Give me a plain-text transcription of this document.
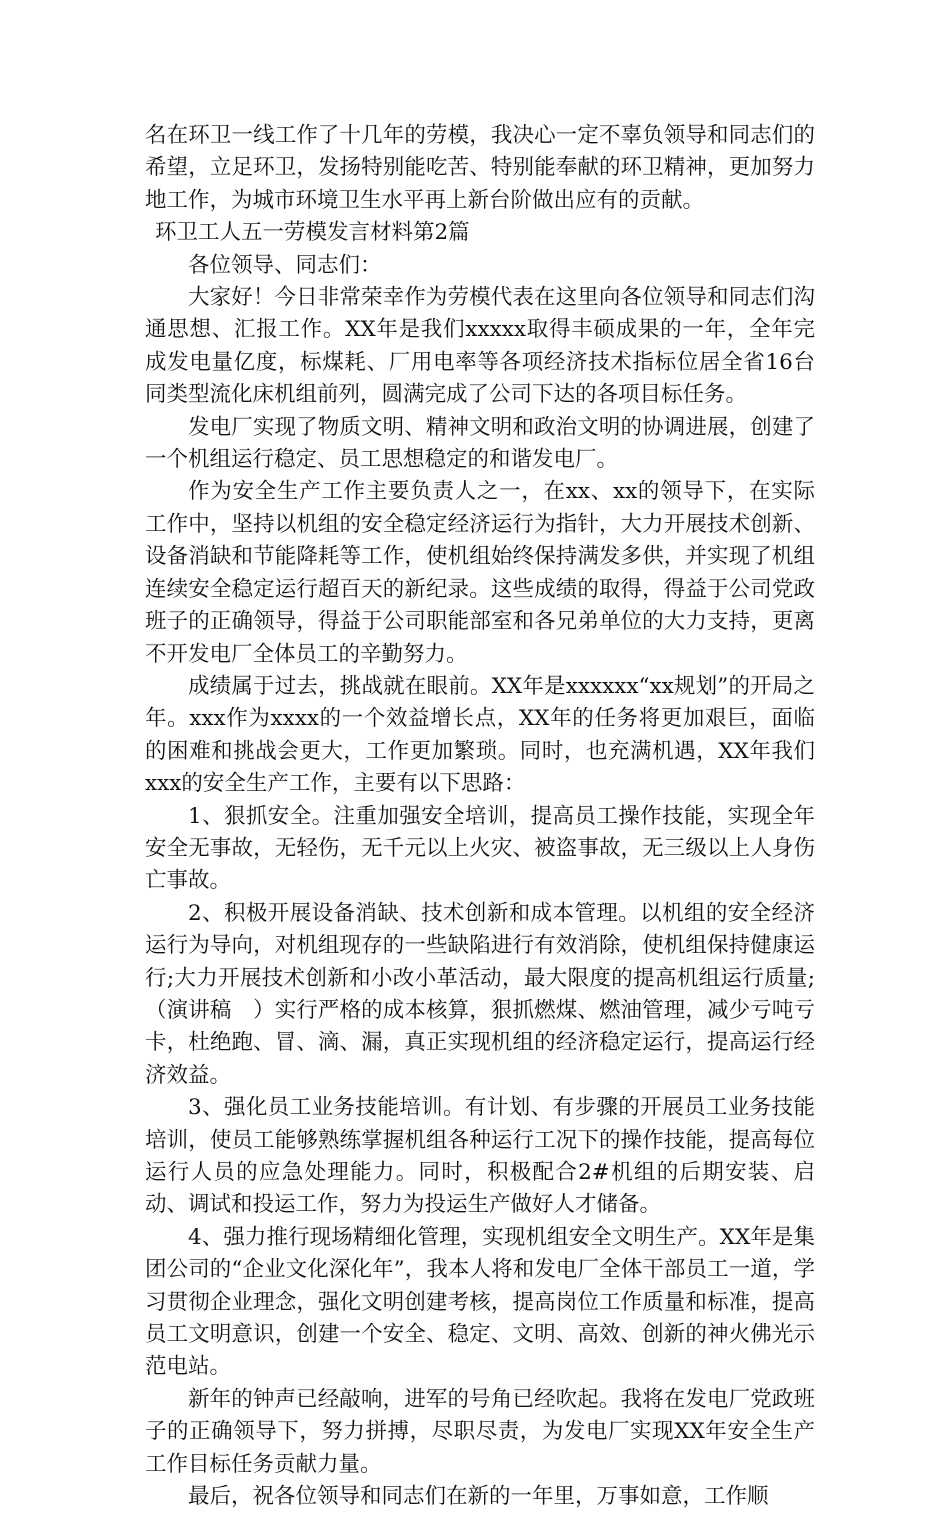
名在环卫一线工作了十几年的劳模，我决心一定不辜负领导和同志们的希望，立足环卫，发扬特别能吃苦、特别能奉献的环卫精神，更加努力地工作，为城市环境卫生水平再上新台阶做出应有的贡献。

环卫工人五一劳模发言材料第2篇

各位领导、同志们：

大家好！今日非常荣幸作为劳模代表在这里向各位领导和同志们沟通思想、汇报工作。XX年是我们xxxxx取得丰硕成果的一年，全年完成发电量亿度，标煤耗、厂用电率等各项经济技术指标位居全省16台同类型流化床机组前列，圆满完成了公司下达的各项目标任务。

发电厂实现了物质文明、精神文明和政治文明的协调进展，创建了一个机组运行稳定、员工思想稳定的和谐发电厂。

作为安全生产工作主要负责人之一，在xx、xx的领导下，在实际工作中，坚持以机组的安全稳定经济运行为指针，大力开展技术创新、设备消缺和节能降耗等工作，使机组始终保持满发多供，并实现了机组连续安全稳定运行超百天的新纪录。这些成绩的取得，得益于公司党政班子的正确领导，得益于公司职能部室和各兄弟单位的大力支持，更离不开发电厂全体员工的辛勤努力。

成绩属于过去，挑战就在眼前。XX年是xxxxxx“xx规划”的开局之年。xxx作为xxxx的一个效益增长点，XX年的任务将更加艰巨，面临的困难和挑战会更大，工作更加繁琐。同时，也充满机遇，XX年我们xxx的安全生产工作，主要有以下思路：

1、狠抓安全。注重加强安全培训，提高员工操作技能，实现全年安全无事故，无轻伤，无千元以上火灾、被盗事故，无三级以上人身伤亡事故。

2、积极开展设备消缺、技术创新和成本管理。以机组的安全经济运行为导向，对机组现存的一些缺陷进行有效消除，使机组保持健康运行;大力开展技术创新和小改小革活动，最大限度的提高机组运行质量;（演讲稿　）实行严格的成本核算，狠抓燃煤、燃油管理，减少亏吨亏卡，杜绝跑、冒、滴、漏，真正实现机组的经济稳定运行，提高运行经济效益。

3、强化员工业务技能培训。有计划、有步骤的开展员工业务技能培训，使员工能够熟练掌握机组各种运行工况下的操作技能，提高每位运行人员的应急处理能力。同时，积极配合2#机组的后期安装、启动、调试和投运工作，努力为投运生产做好人才储备。

4、强力推行现场精细化管理，实现机组安全文明生产。XX年是集团公司的“企业文化深化年”，我本人将和发电厂全体干部员工一道，学习贯彻企业理念，强化文明创建考核，提高岗位工作质量和标准，提高员工文明意识，创建一个安全、稳定、文明、高效、创新的神火佛光示范电站。

新年的钟声已经敲响，进军的号角已经吹起。我将在发电厂党政班子的正确领导下，努力拼搏，尽职尽责，为发电厂实现XX年安全生产工作目标任务贡献力量。

最后，祝各位领导和同志们在新的一年里，万事如意，工作顺
